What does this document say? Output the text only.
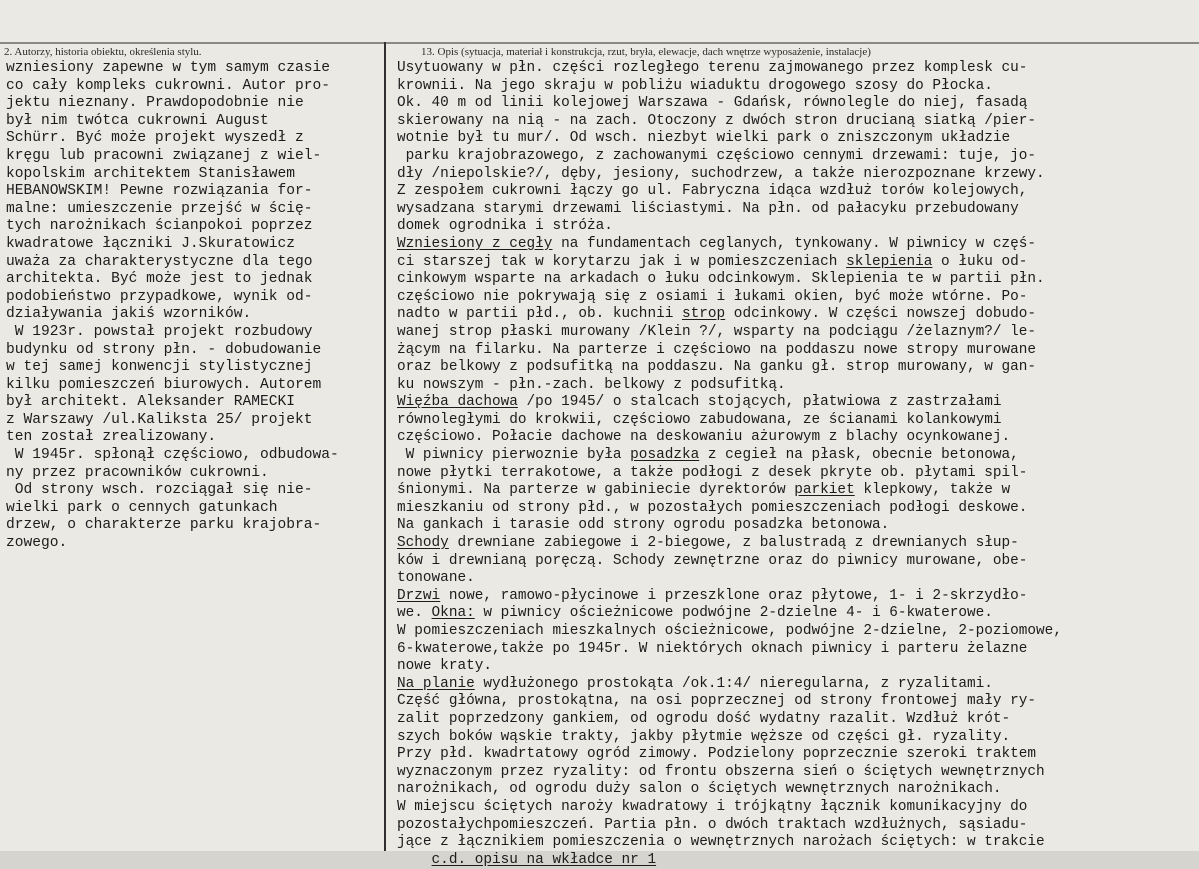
2. Autorzy, historia obiektu, określenia stylu.	13. Opis (sytuacja, materiał i konstrukcja, rzut, bryła, elewacje, dach wnętrze wyposażenie, instalacje)
wzniesiony zapewne w tym samym czasie
co cały kompleks cukrowni. Autor pro-
jektu nieznany. Prawdopodobnie nie
był nim twótca cukrowni August
Schürr. Być może projekt wyszedł z
kręgu lub pracowni związanej z wiel-
kopolskim architektem Stanisławem
HEBANOWSKIM! Pewne rozwiązania for-
malne: umieszczenie przejść w ścię-
tych narożnikach ścianpokoi poprzez
kwadratowe łączniki J.Skuratowicz
uważa za charakterystyczne dla tego
architekta. Być może jest to jednak
podobieństwo przypadkowe, wynik od-
działywania jakiś wzorników.
W 1923r. powstał projekt rozbudowy
budynku od strony płn. - dobudowanie
w tej samej konwencji stylistycznej
kilku pomieszczeń biurowych. Autorem
był architekt. Aleksander RAMECKI
z Warszawy /ul.Kaliksta 25/ projekt
ten został zrealizowany.
W 1945r. spłonął częściowo, odbudowa-
ny przez pracowników cukrowni.
Od strony wsch. rozciągał się nie-
wielki park o cennych gatunkach
drzew, o charakterze parku krajobra-
zowego.
Usytuowany w płn. części rozległego terenu zajmowanego przez komplesk cu-
krownii. Na jego skraju w pobliżu wiaduktu drogowego szosy do Płocka.
Ok. 40 m od linii kolejowej Warszawa - Gdańsk, równolegle do niej, fasadą
skierowany na nią - na zach. Otoczony z dwóch stron drucianą siatką /pier-
wotnie był tu mur/. Od wsch. niezbyt wielki park o zniszczonym układzie
parku krajobrazowego, z zachowanymi częściowo cennymi drzewami: tuje, jo-
dły /niepolskie?/, dęby, jesiony, suchodrzew, a także nierozpoznane krzewy.
Z zespołem cukrowni łączy go ul. Fabryczna idąca wzdłuż torów kolejowych,
wysadzana starymi drzewami liściastymi. Na płn. od pałacyku przebudowany
domek ogrodnika i stróża.
Wzniesiony z cegły na fundamentach ceglanych, tynkowany. W piwnicy w częś-
ci starszej tak w korytarzu jak i w pomieszczeniach sklepienia o łuku od-
cinkowym wsparte na arkadach o łuku odcinkowym. Sklepienia te w partii płn.
częściowo nie pokrywają się z osiami i łukami okien, być może wtórne. Po-
nadto w partii płd., ob. kuchnii strop odcinkowy. W części nowszej dobudo-
wanej strop płaski murowany /Klein ?/, wsparty na podciągu /żelaznym?/ le-
żącym na filarku. Na parterze i częściowo na poddaszu nowe stropy murowane
oraz belkowy z podsufitką na poddaszu. Na ganku gł. strop murowany, w gan-
ku nowszym - płn.-zach. belkowy z podsufitką.
Więźba dachowa /po 1945/ o stalcach stojących, płatwiowa z zastrzałami
równoległymi do krokwii, częściowo zabudowana, ze ścianami kolankowymi
częściowo. Połacie dachowe na deskowaniu ażurowym z blachy ocynkowanej.
W piwnicy pierwoznie była posadzka z cegieł na płask, obecnie betonowa,
nowe płytki terrakotowe, a także podłogi z desek pkryte ob. płytami spil-
śnionymi. Na parterze w gabiniecie dyrektorów parkiet klepkowy, także w
mieszkaniu od strony płd., w pozostałych pomieszczeniach podłogi deskowe.
Na gankach i tarasie odd strony ogrodu posadzka betonowa.
Schody drewniane zabiegowe i 2-biegowe, z balustradą z drewnianych słup-
ków i drewnianą poręczą. Schody zewnętrzne oraz do piwnicy murowane, obe-
tonowane.
Drzwi nowe, ramowo-płycinowe i przeszklone oraz płytowe, 1- i 2-skrzydło-
we. Okna: w piwnicy ościeżnicowe podwójne 2-dzielne 4- i 6-kwaterowe.
W pomieszczeniach mieszkalnych ościeżnicowe, podwójne 2-dzielne, 2-poziomowe,
6-kwaterowe,także po 1945r. W niektórych oknach piwnicy i parteru żelazne
nowe kraty.
Na planie wydłużonego prostokąta /ok.1:4/ nieregularna, z ryzalitami.
Część główna, prostokątna, na osi poprzecznej od strony frontowej mały ry-
zalit poprzedzony gankiem, od ogrodu dość wydatny razalit. Wzdłuż krót-
szych boków wąskie trakty, jakby płytmie węższe od części gł. ryzality.
Przy płd. kwadrtatowy ogród zimowy. Podzielony poprzecznie szeroki traktem
wyznaczonym przez ryzality: od frontu obszerna sień o ściętych wewnętrznych
narożnikach, od ogrodu duży salon o ściętych wewnętrznych narożnikach.
W miejscu ściętych naroży kwadratowy i trójkątny łącznik komunikacyjny do
pozostałychpomieszczeń. Partia płn. o dwóch traktach wzdłużnych, sąsiadu-
jące z łącznikiem pomieszczenia o wewnętrznych narożach ściętych: w trakcie
c.d. opisu na wkładce nr 1
